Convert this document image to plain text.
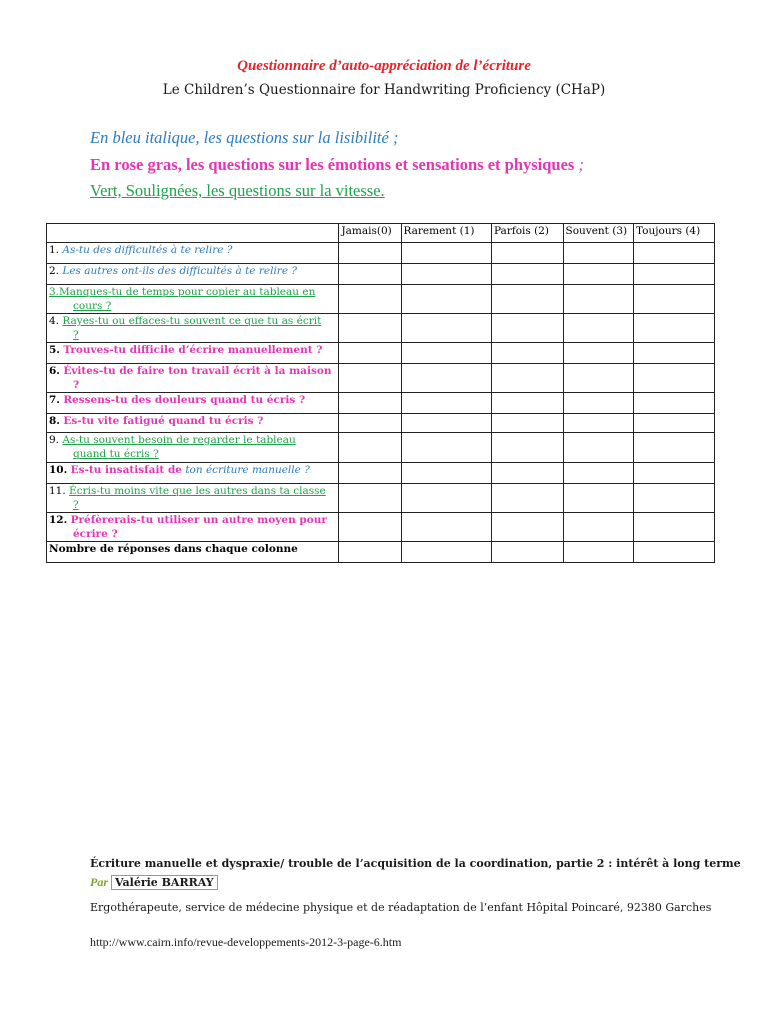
Questionnaire d’auto-appréciation de l’écriture
Le Children’s Questionnaire for Handwriting Proficiency (CHaP)
En bleu italique, les questions sur la lisibilité ;
En rose gras, les questions sur les émotions et sensations et physiques ;
Vert, Soulignées, les questions sur la vitesse.
	Jamais(0)	Rarement (1)	Parfois (2)	Souvent (3)	Toujours (4)
1. As-tu des difficultés à te relire ?					
2. Les autres ont-ils des difficultés à te relire ?					
3.Manques-tu de temps pour copier au tableau en
cours ?					
4. Rayes-tu ou effaces-tu souvent ce que tu as écrit
?					
5. Trouves-tu difficile d’écrire manuellement ?					
6. Évites-tu de faire ton travail écrit à la maison
?					
7. Ressens-tu des douleurs quand tu écris ?					
8. Es-tu vite fatigué quand tu écris ?					
9. As-tu souvent besoin de regarder le tableau
quand tu écris ?					
10. Es-tu insatisfait de ton écriture manuelle ?					
11. Écris-tu moins vite que les autres dans ta classe
?					
12. Préfèrerais-tu utiliser un autre moyen pour
écrire ?					
Nombre de réponses dans chaque colonne					
Écriture manuelle et dyspraxie/ trouble de l’acquisition de la coordination, partie 2 : intérêt à long terme
Par Valérie BARRAY
Ergothérapeute, service de médecine physique et de réadaptation de l’enfant Hôpital Poincaré, 92380 Garches
http://www.cairn.info/revue-developpements-2012-3-page-6.htm
